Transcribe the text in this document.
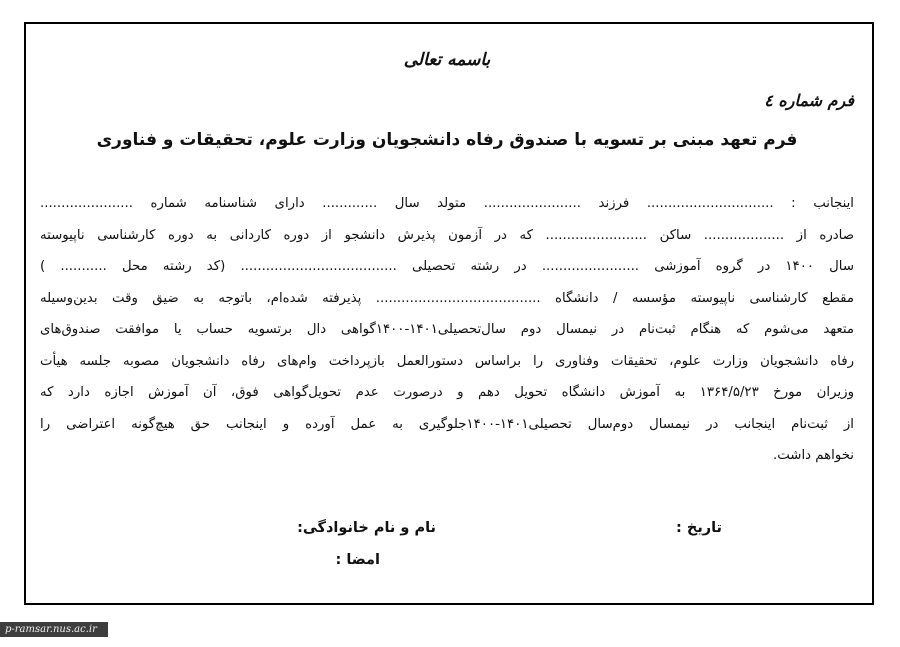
باسمه تعالی
فرم شماره ٤
فرم تعهد مبنی بر تسویه با صندوق رفاه دانشجویان وزارت علوم، تحقیقات و فناوری
اینجانب : .............................. فرزند ....................... متولد سال ............. دارای شناسنامه شماره ......................
صادره از ................... ساکن ........................ که در آزمون پذیرش دانشجو از دوره کاردانی به دوره کارشناسی ناپیوسته
سال ۱۴۰۰ در گروه آموزشی ....................... در رشته تحصیلی ..................................... (کد رشته محل ........... )
مقطع کارشناسی ناپیوسته مؤسسه / دانشگاه ....................................... پذیرفته شده‌ام، باتوجه به ضیق وقت بدین‌وسیله
متعهد می‌شوم که هنگام ثبت‌نام در نیمسال دوم سال‌تحصیلی۱۴۰۱-۱۴۰۰گواهی دال برتسویه حساب یا موافقت صندوق‌های
رفاه دانشجویان وزارت علوم، تحقیقات وفناوری را براساس دستورالعمل بازپرداخت وام‌های رفاه دانشجویان مصوبه جلسه هیأت
وزیران مورخ ۱۳۶۴/۵/۲۳ به آموزش دانشگاه تحویل دهم و درصورت عدم تحویل‌گواهی فوق، آن آموزش اجازه دارد که
از ثبت‌نام اینجانب در نیمسال دوم‌سال تحصیلی۱۴۰۱-۱۴۰۰جلوگیری به عمل آورده و اینجانب حق هیچ‌گونه اعتراضی را
نخواهم داشت.
تاریخ :
نام و نام خانوادگی:
امضا :
p-ramsar.nus.ac.ir
